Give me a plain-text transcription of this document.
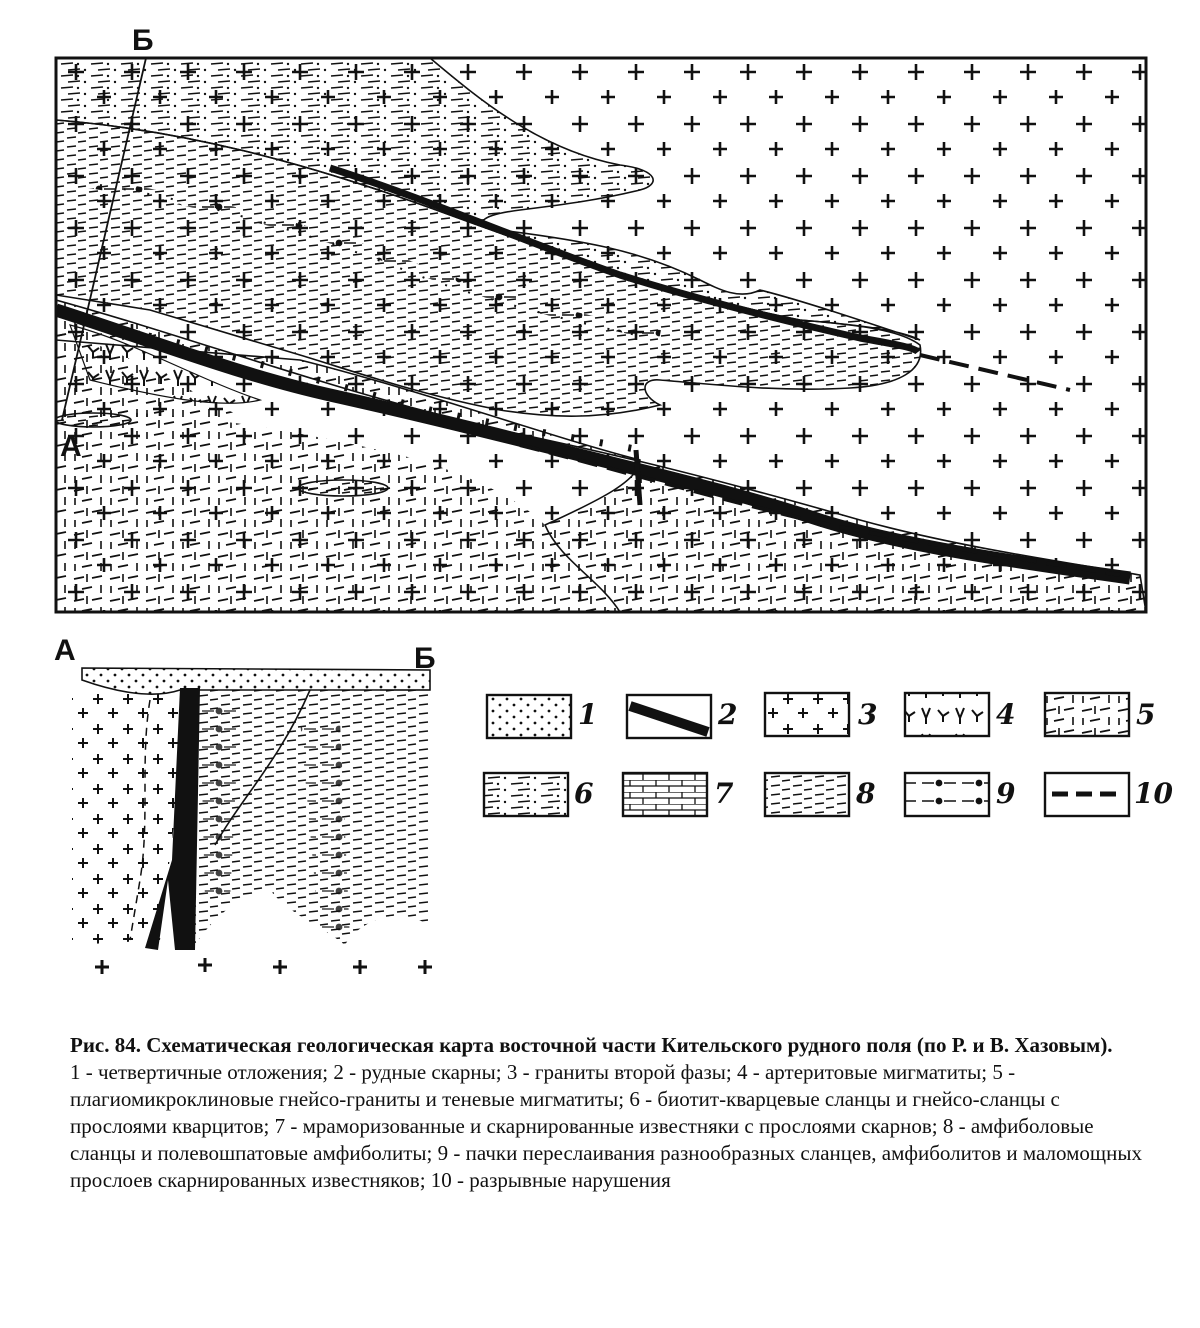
Б
А
А	Б
1	2	3	4	5
6	7	8	9	10
Рис. 84. Схематическая геологическая карта восточной части Кительского рудного поля (по Р. и В. Хазовым).
1 - четвертичные отложения; 2 - рудные скарны; 3 - граниты второй фазы; 4 - артеритовые мигматиты; 5 - плагиомикроклиновые гнейсо-граниты и теневые мигматиты; 6 - биотит-кварцевые сланцы и гнейсо-сланцы с прослоями кварцитов; 7 - мраморизованные и скарнированные известняки с прослоями скарнов; 8 - амфиболовые сланцы и полевошпатовые амфиболиты; 9 - пачки переслаивания разнообразных сланцев, амфиболитов и маломощных прослоев скарнированных известняков; 10 - разрывные нарушения
